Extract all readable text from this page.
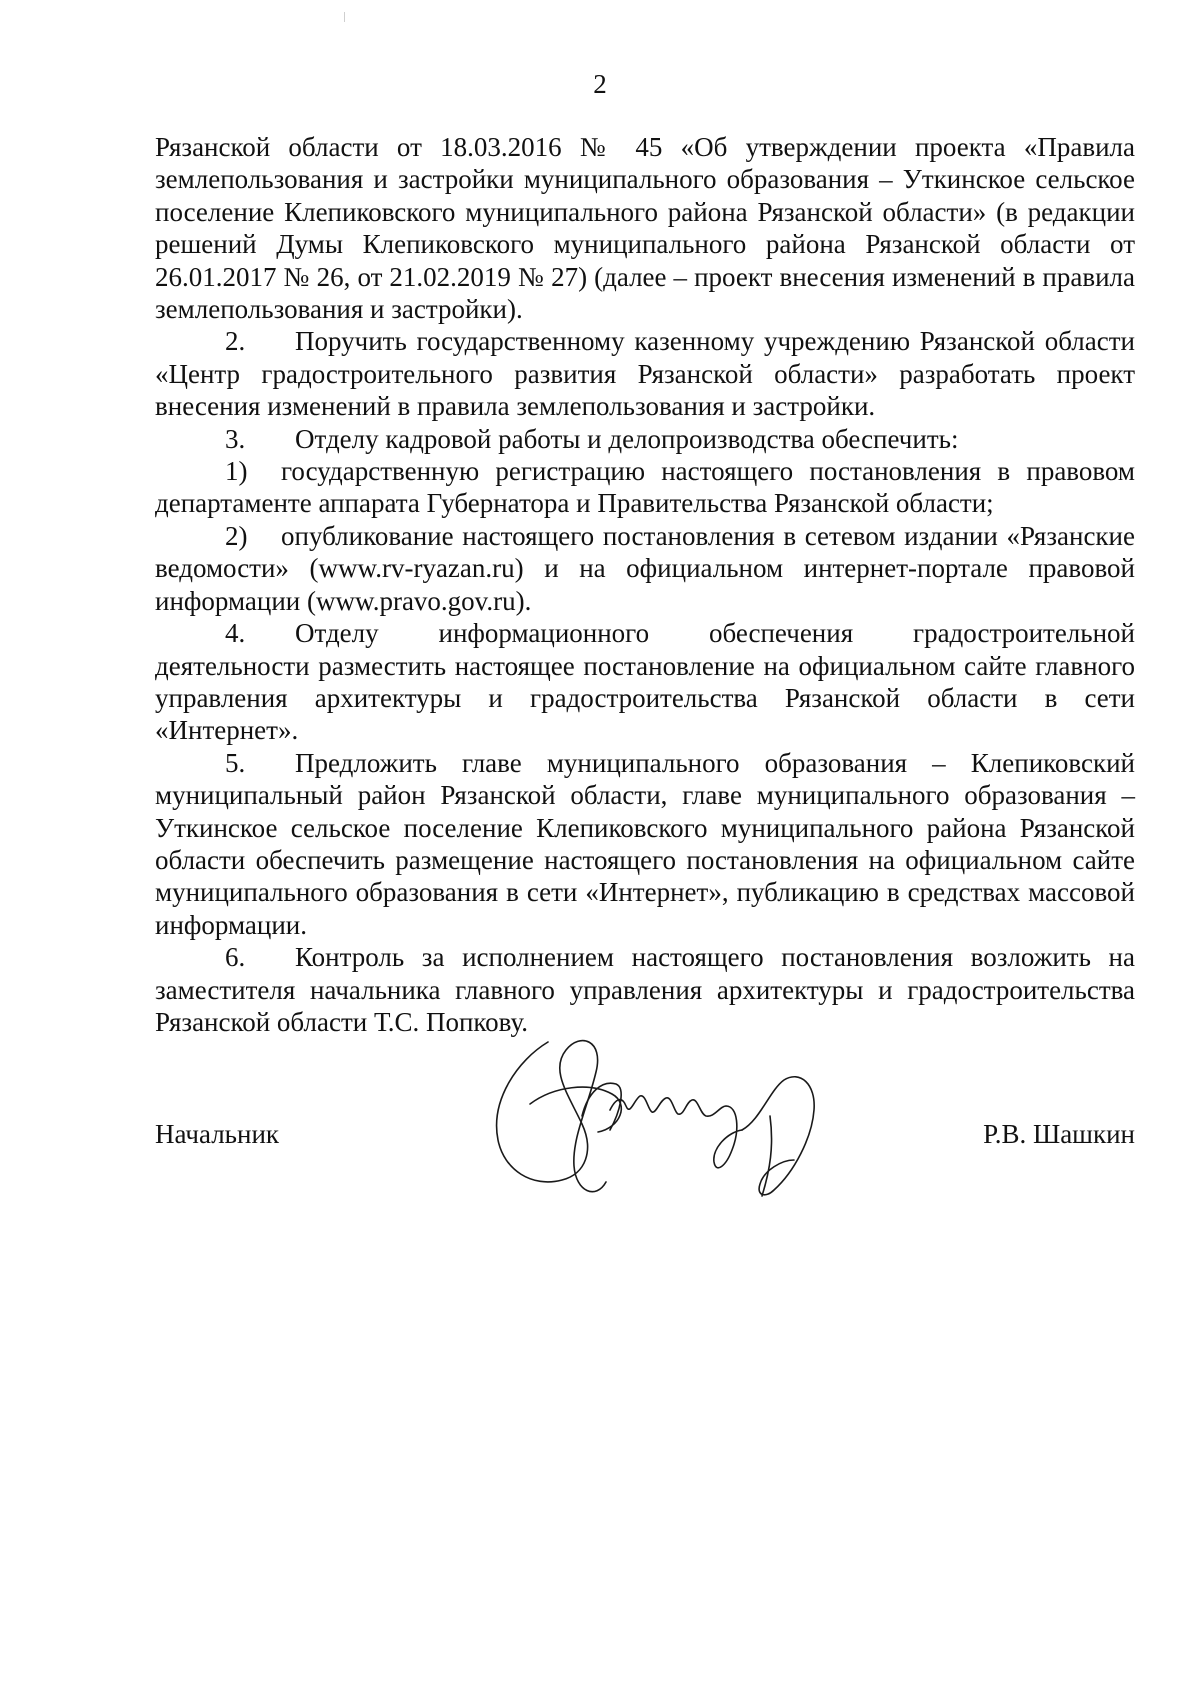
2

Рязанской области от 18.03.2016 № 45 «Об утверждении проекта «Правила землепользования и застройки муниципального образования – Уткинское сельское поселение Клепиковского муниципального района Рязанской области» (в редакции решений Думы Клепиковского муниципального района Рязанской области от 26.01.2017 № 26, от 21.02.2019 № 27) (далее – проект внесения изменений в правила землепользования и застройки).

2. Поручить государственному казенному учреждению Рязанской области «Центр градостроительного развития Рязанской области» разработать проект внесения изменений в правила землепользования и застройки.

3. Отделу кадровой работы и делопроизводства обеспечить:

1) государственную регистрацию настоящего постановления в правовом департаменте аппарата Губернатора и Правительства Рязанской области;

2) опубликование настоящего постановления в сетевом издании «Рязанские ведомости» (www.rv-ryazan.ru) и на официальном интернет-портале правовой информации (www.pravo.gov.ru).

4. Отделу информационного обеспечения градостроительной деятельности разместить настоящее постановление на официальном сайте главного управления архитектуры и градостроительства Рязанской области в сети «Интернет».

5. Предложить главе муниципального образования – Клепиковский муниципальный район Рязанской области, главе муниципального образования – Уткинское сельское поселение Клепиковского муниципального района Рязанской области обеспечить размещение настоящего постановления на официальном сайте муниципального образования в сети «Интернет», публикацию в средствах массовой информации.

6. Контроль за исполнением настоящего постановления возложить на заместителя начальника главного управления архитектуры и градостроительства Рязанской области Т.С. Попкову.

Начальник	Р.В. Шашкин
